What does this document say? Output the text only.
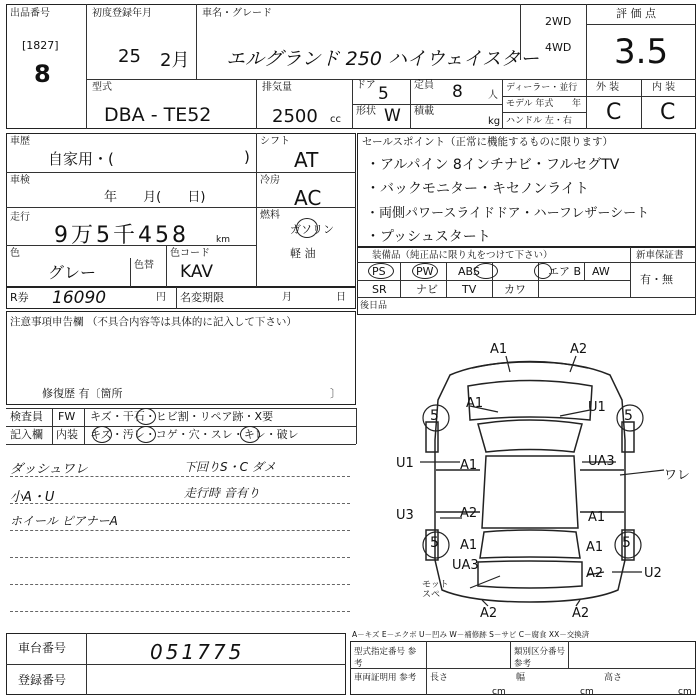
出品番号
[1827]
8
初度登録年月
25 2月
車名・グレード
エルグランド 250 ハイウェイスター
2WD
4WD
評 価 点
3.5
型式
DBA - TE52
排気量
2500 cc
ドア 5	定員 8	人
形状 W 積載
kg
ディーラー・並行
モデル 年式 年
ハンドル 左・右
外 装	内 装
C C
車歴
自家用・(	)
車検
年 月( 日)
走行
9万5千458	km
色
グレー	色替
色コード
KAV
シフト
AT
冷房
AC
燃料
ガソリン
軽 油
R券 16090	円 名変期限	月	日
セールスポイント（正常に機能するものに限ります）
・アルパイン 8インチナビ・フルセグTV
・バックモニター・キセノンライト
・両側パワースライドドア・ハーフレザーシート
・プッシュスタート
装備品（純正品に限り丸をつけて下さい）	新車保証書
PS	PW ABS	エア B AW
SR	ナビ TV	カワ
有・無
後日品
注意事項申告欄 （不具合内容等は具体的に記入して下さい）
修復歴 有〔箇所	〕
検査員
記入欄
FW キズ・干石・ヒビ割・リペア跡・X要
内装 キズ・汚レ・コゲ・穴・スレ・キレ・破レ
ダッシュワレ
小A・U
ホイール ピアナーA
下回りS・C ダメ
走行時 音有り
A1	A2
A1	U1
U1	A1	UA3
ワレ
U3	A2	A1
A1	A1
UA3
A2	U2
A2	A2
5	5
5	5
モット スペ
A－キズ E－エクボ U－凹み W－補修跡 S－サビ C－腐食 XX－交換済
型式指定番号 参考
類別区分番号 参考
車両証明用 参考	長さ	幅	高さ
cm	cm	cm
車台番号	051775
登録番号
